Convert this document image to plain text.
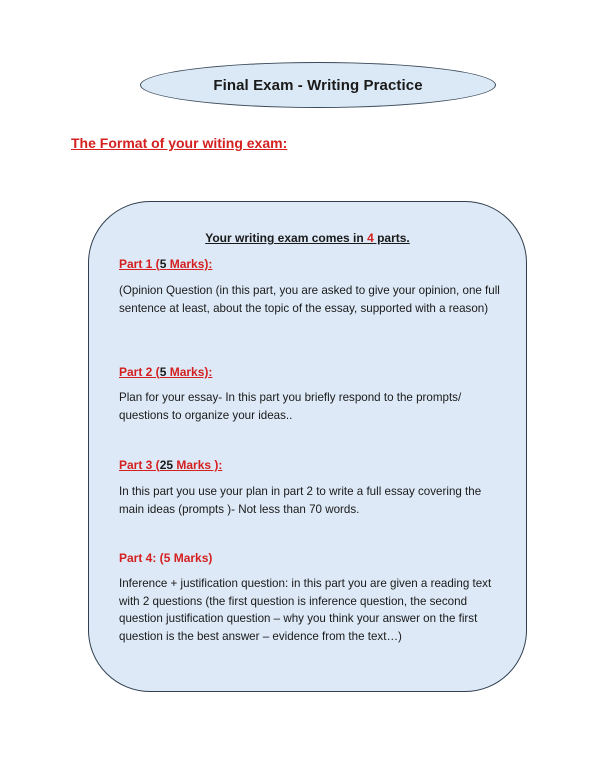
Final Exam - Writing Practice
The Format of your witing exam:
Your writing exam comes in 4 parts.
Part 1 (5 Marks):
(Opinion Question (in this part, you are asked to give your opinion, one full sentence at least, about the topic of the essay, supported with a reason)
Part 2 (5 Marks):
Plan for your essay- In this part you briefly respond to the prompts/ questions to organize your ideas..
Part 3 (25 Marks ):
In this part you use your plan in part 2 to write a full essay covering the main ideas (prompts )- Not less than 70 words.
Part 4: (5 Marks)
Inference + justification question: in this part you are given a reading text with 2 questions (the first question is inference question, the second question justification question – why you think your answer on the first question is the best answer – evidence from the text…)
